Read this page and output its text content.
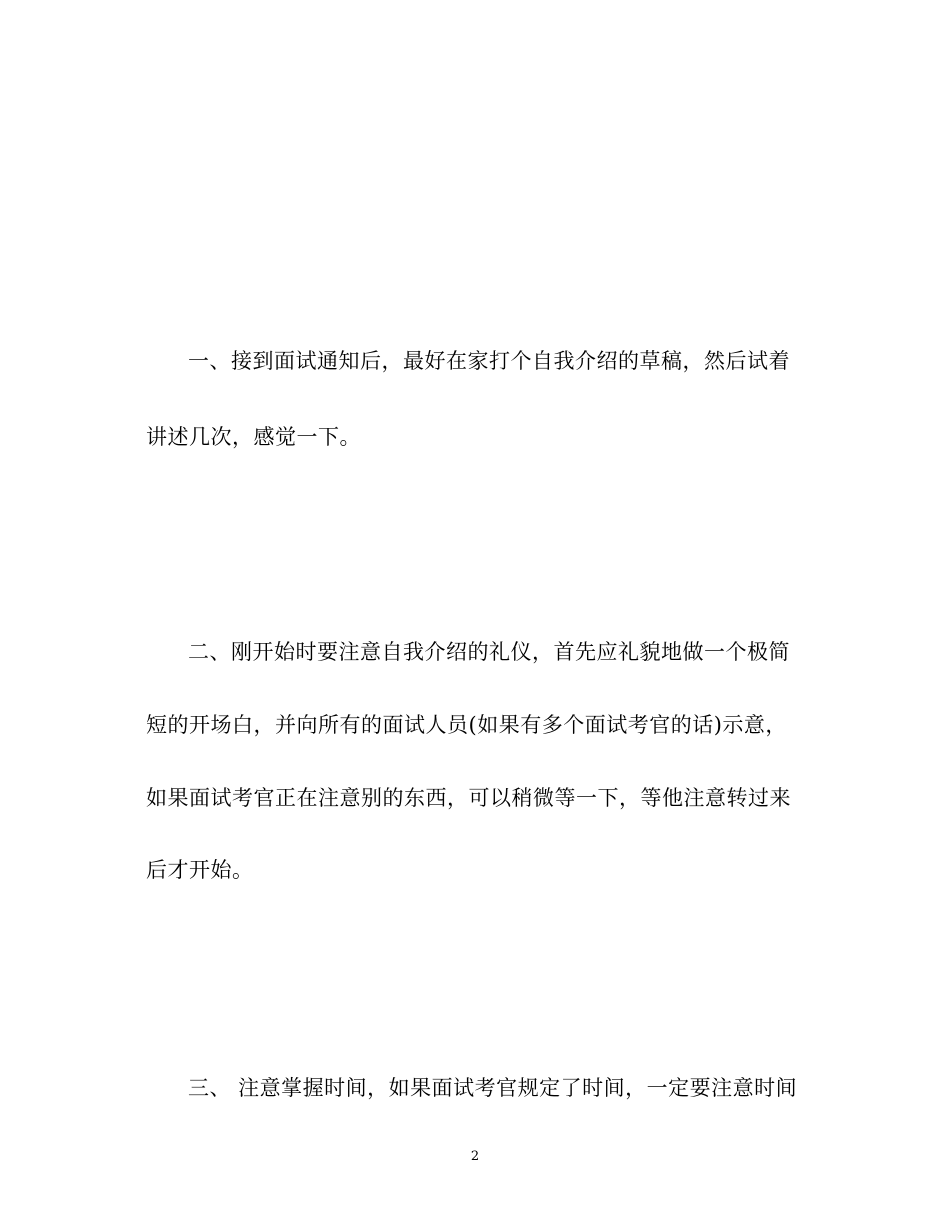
一、接到面试通知后，最好在家打个自我介绍的草稿，然后试着
讲述几次，感觉一下。
二、刚开始时要注意自我介绍的礼仪，首先应礼貌地做一个极简
短的开场白，并向所有的面试人员(如果有多个面试考官的话)示意，
如果面试考官正在注意别的东西，可以稍微等一下，等他注意转过来
后才开始。
三、 注意掌握时间，如果面试考官规定了时间，一定要注意时间
2
